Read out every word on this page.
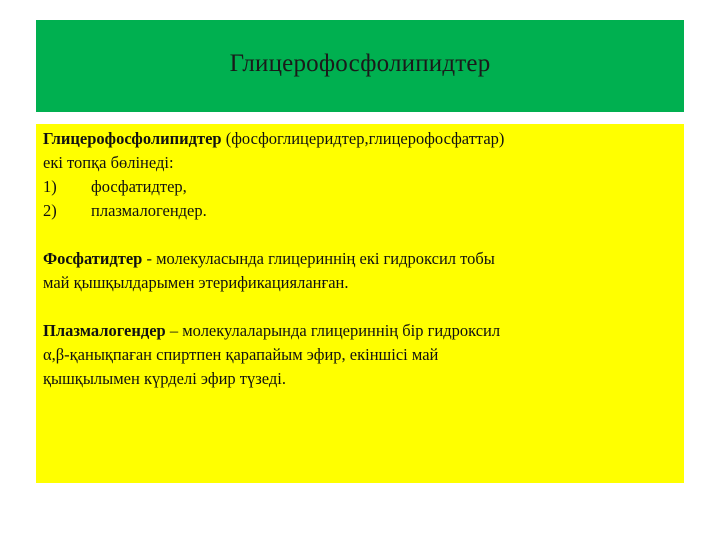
Глицерофосфолипидтер
Глицерофосфолипидтер (фосфоглицеридтер,глицерофосфаттар)
екі топқа бөлінеді:
1) фосфатидтер,
2) плазмалогендер.
Фосфатидтер - молекуласында глицериннің екі гидроксил тобы
май қышқылдарымен этерификацияланған.
Плазмалогендер – молекулаларында глицериннің бір гидроксил
α,β-қанықпаған спиртпен қарапайым эфир, екіншісі май
қышқылымен күрделі эфир түзеді.
